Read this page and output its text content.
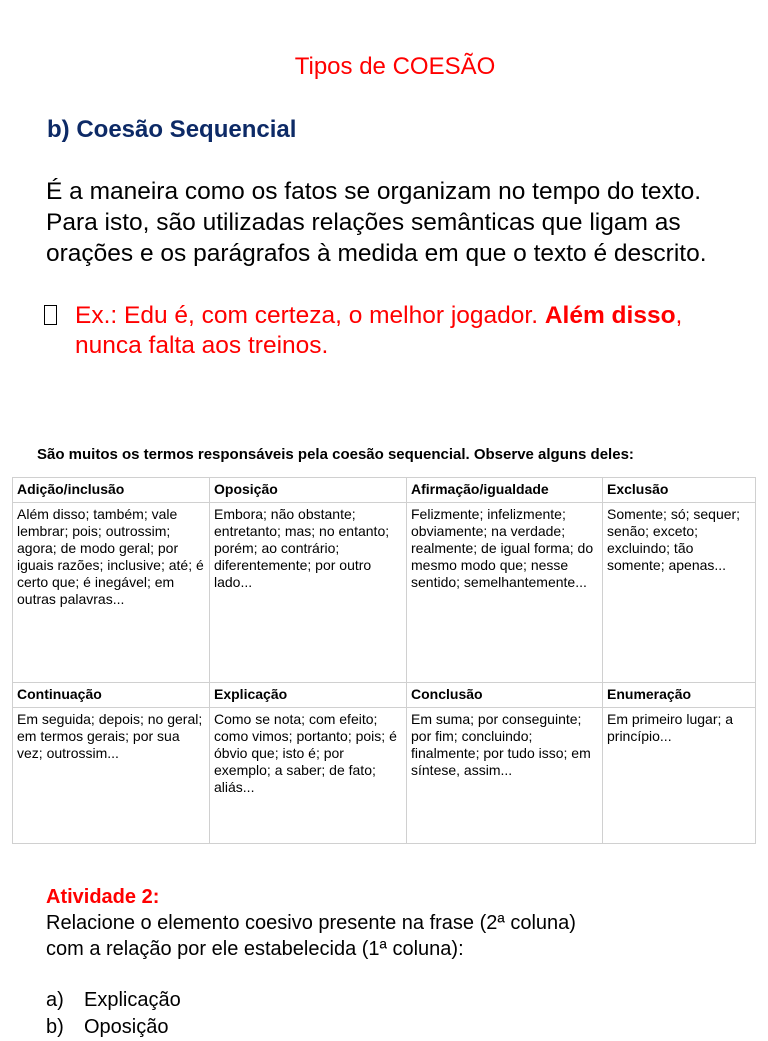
Tipos de COESÃO
b) Coesão Sequencial

É a maneira como os fatos se organizam no tempo do texto. Para isto, são utilizadas relações semânticas que ligam as orações e os parágrafos à medida em que o texto é descrito.

Ex.: Edu é, com certeza, o melhor jogador. Além disso, nunca falta aos treinos.
São muitos os termos responsáveis pela coesão sequencial. Observe alguns deles:
Adição/inclusão	Oposição	Afirmação/igualdade	Exclusão
Além disso; também; vale lembrar; pois; outrossim; agora; de modo geral; por iguais razões; inclusive; até; é certo que; é inegável; em outras palavras...	Embora; não obstante; entretanto; mas; no entanto; porém; ao contrário; diferentemente; por outro lado...	Felizmente; infelizmente; obviamente; na verdade; realmente; de igual forma; do mesmo modo que; nesse sentido; semelhantemente...	Somente; só; sequer; senão; exceto; excluindo; tão somente; apenas...
Continuação	Explicação	Conclusão	Enumeração
Em seguida; depois; no geral; em termos gerais; por sua vez; outrossim...	Como se nota; com efeito; como vimos; portanto; pois; é óbvio que; isto é; por exemplo; a saber; de fato; aliás...	Em suma; por conseguinte; por fim; concluindo; finalmente; por tudo isso; em síntese, assim...	Em primeiro lugar; a princípio...
Atividade 2:

Relacione o elemento coesivo presente na frase (2ª coluna)
com a relação por ele estabelecida (1ª coluna):

a) Explicação
b) Oposição
